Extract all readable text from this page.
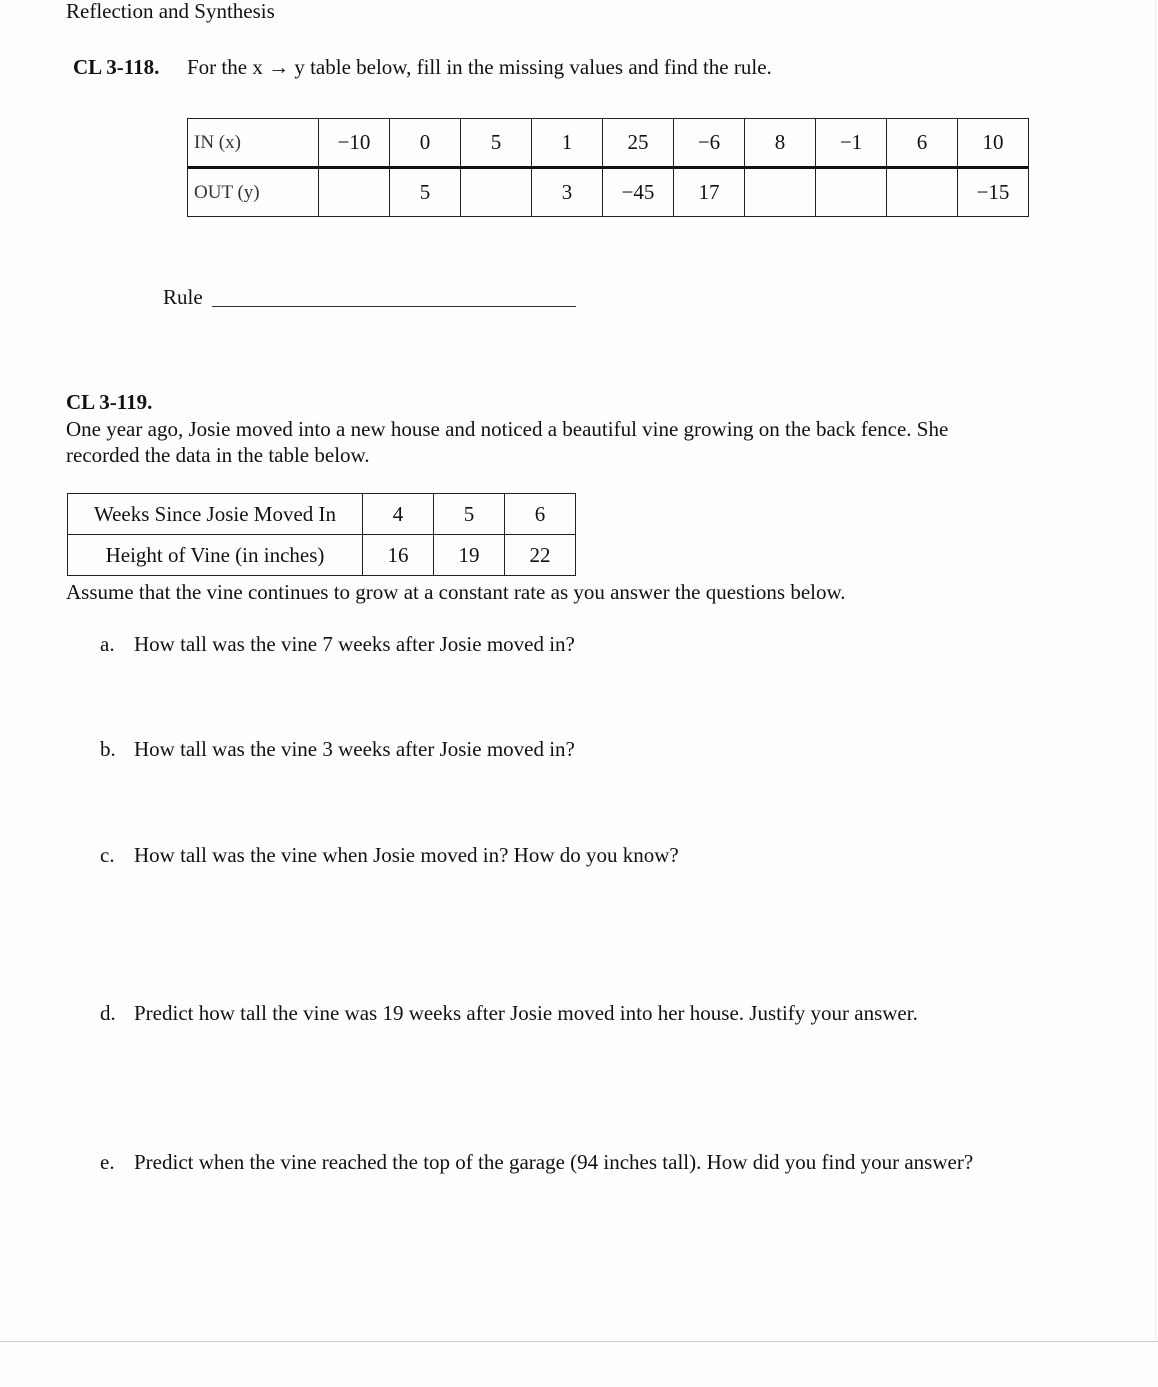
Reflection and Synthesis
CL 3-118. For the x → y table below, fill in the missing values and find the rule.
IN (x)	−10	0	5	1	25	−6	8	−1	6	10
OUT (y)		5		3	−45	17				−15
Rule
CL 3-119.
One year ago, Josie moved into a new house and noticed a beautiful vine growing on the back fence. She
recorded the data in the table below.
Weeks Since Josie Moved In	4	5	6
Height of Vine (in inches)	16	19	22
Assume that the vine continues to grow at a constant rate as you answer the questions below.
a. How tall was the vine 7 weeks after Josie moved in?
b. How tall was the vine 3 weeks after Josie moved in?
c. How tall was the vine when Josie moved in? How do you know?
d. Predict how tall the vine was 19 weeks after Josie moved into her house. Justify your answer.
e. Predict when the vine reached the top of the garage (94 inches tall). How did you find your answer?
